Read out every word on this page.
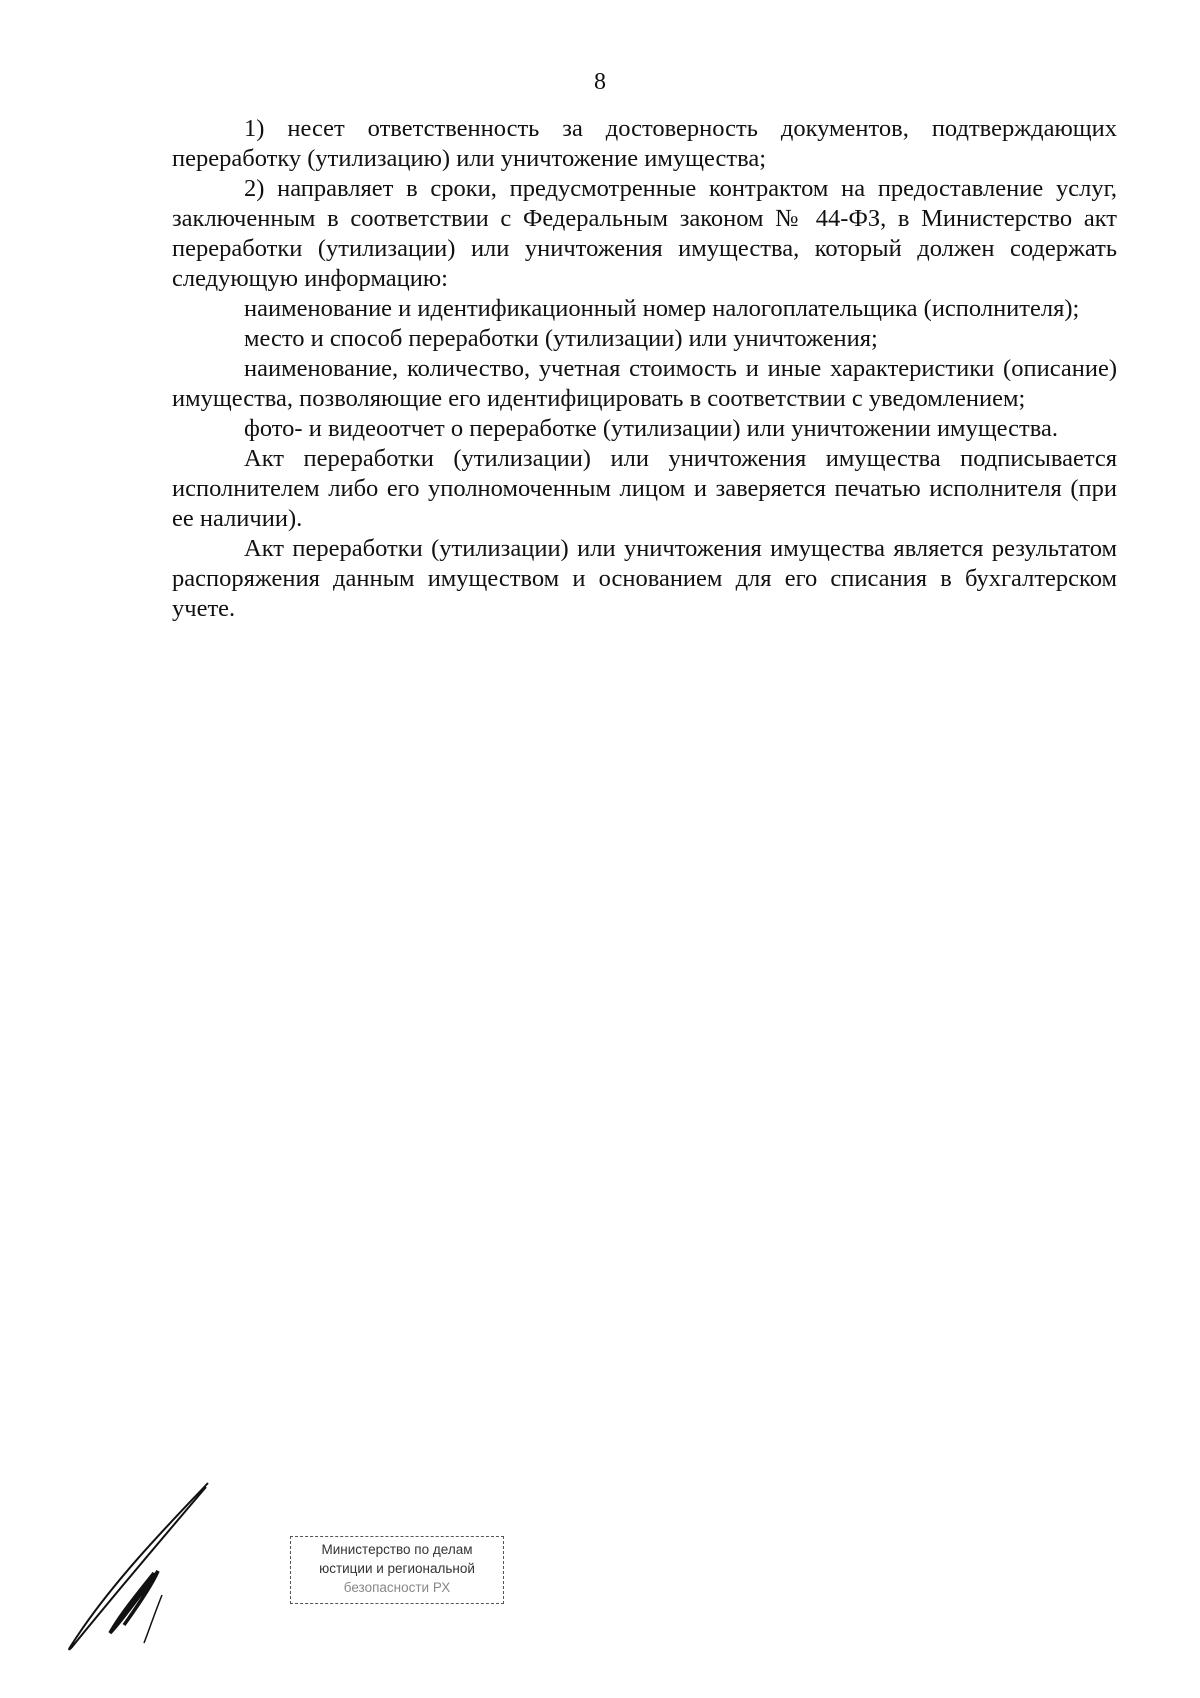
8

1) несет ответственность за достоверность документов, подтверждающих переработку (утилизацию) или уничтожение имущества;

2) направляет в сроки, предусмотренные контрактом на предоставление услуг, заключенным в соответствии с Федеральным законом № 44-ФЗ, в Министерство акт переработки (утилизации) или уничтожения имущества, который должен содержать следующую информацию:

наименование и идентификационный номер налогоплательщика (исполнителя);

место и способ переработки (утилизации) или уничтожения;

наименование, количество, учетная стоимость и иные характеристики (описание) имущества, позволяющие его идентифицировать в соответствии с уведомлением;

фото- и видеоотчет о переработке (утилизации) или уничтожении имущества.

Акт переработки (утилизации) или уничтожения имущества подписывается исполнителем либо его уполномоченным лицом и заверяется печатью исполнителя (при ее наличии).

Акт переработки (утилизации) или уничтожения имущества является результатом распоряжения данным имуществом и основанием для его списания в бухгалтерском учете.

Министерство по делам
юстиции и региональной
безопасности РХ
